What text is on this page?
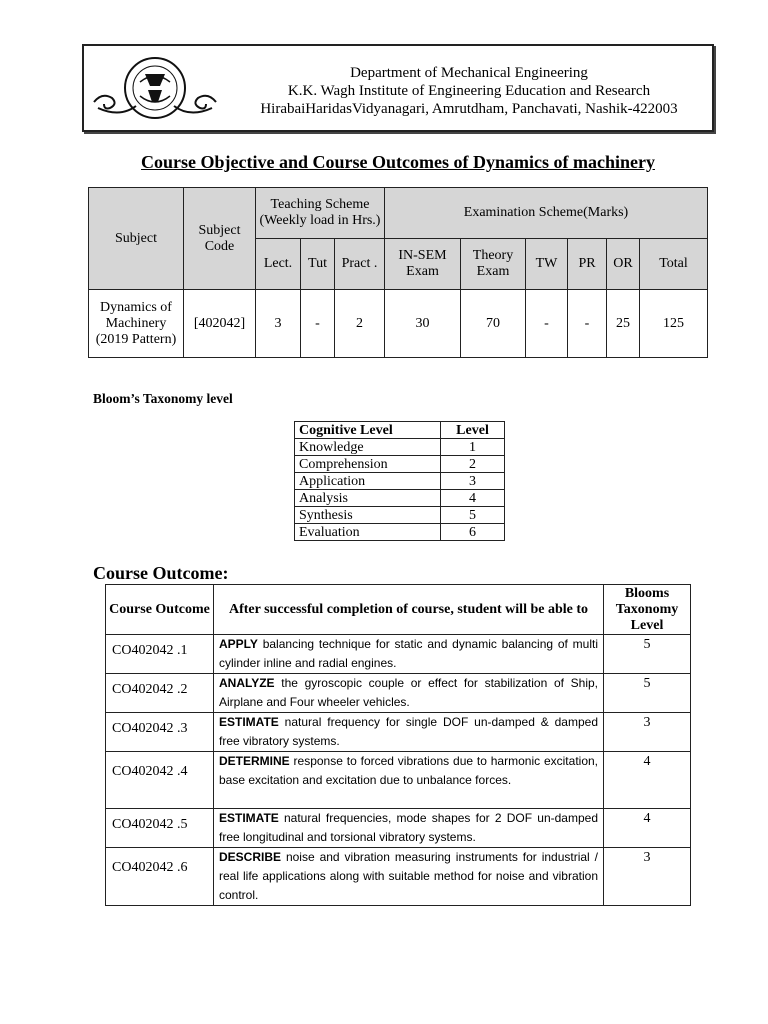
Department of Mechanical Engineering
K.K. Wagh Institute of Engineering Education and Research
HirabaiHaridasVidyanagari, Amrutdham, Panchavati, Nashik-422003
Course Objective and Course Outcomes of Dynamics of machinery
Subject	Subject Code	Teaching Scheme (Weekly load in Hrs.)			Examination Scheme(Marks)					
		Lect.	Tut	Pract .	IN-SEM Exam	Theory Exam	TW	PR	OR	Total
Dynamics of Machinery (2019 Pattern)	[402042]	3	-	2	30	70	-	-	25	125
Bloom’s Taxonomy level
Cognitive Level	Level
Knowledge	1
Comprehension	2
Application	3
Analysis	4
Synthesis	5
Evaluation	6
Course Outcome:
Course Outcome	After successful completion of course, student will be able to	Blooms Taxonomy Level
CO402042 .1	APPLY balancing technique for static and dynamic balancing of multi cylinder inline and radial engines.	5
CO402042 .2	ANALYZE the gyroscopic couple or effect for stabilization of Ship, Airplane and Four wheeler vehicles.	5
CO402042 .3	ESTIMATE natural frequency for single DOF un-damped & damped free vibratory systems.	3
CO402042 .4	DETERMINE response to forced vibrations due to harmonic excitation, base excitation and excitation due to unbalance forces.	4
CO402042 .5	ESTIMATE natural frequencies, mode shapes for 2 DOF un-damped free longitudinal and torsional vibratory systems.	4
CO402042 .6	DESCRIBE noise and vibration measuring instruments for industrial / real life applications along with suitable method for noise and vibration control.	3
